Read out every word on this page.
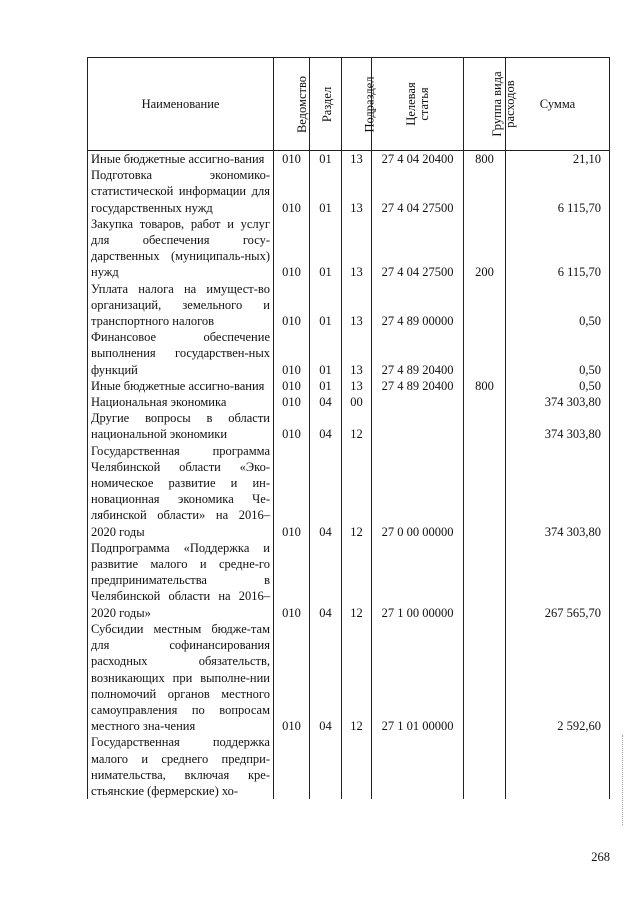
Наименование	Ведомство	Раздел	Подраздел	Целевая статья	Группа вида расходов	Сумма
Иные бюджетные ассигно-вания	010	01	13	27 4 04 20400	800	21,10
Подготовка экономико-статистической информации для государственных нужд	010	01	13	27 4 04 27500		6 115,70
Закупка товаров, работ и услуг для обеспечения госу-дарственных (муниципаль-ных) нужд	010	01	13	27 4 04 27500	200	6 115,70
Уплата налога на имущест-во организаций, земельного и транспортного налогов	010	01	13	27 4 89 00000		0,50
Финансовое обеспечение выполнения государствен-ных функций	010	01	13	27 4 89 20400		0,50
Иные бюджетные ассигно-вания	010	01	13	27 4 89 20400	800	0,50
Национальная экономика	010	04	00			374 303,80
Другие вопросы в области национальной экономики	010	04	12			374 303,80
Государственная программа Челябинской области «Эко-номическое развитие и ин-новационная экономика Че-лябинской области» на 2016–2020 годы	010	04	12	27 0 00 00000		374 303,80
Подпрограмма «Поддержка и развитие малого и средне-го предпринимательства в Челябинской области на 2016–2020 годы»	010	04	12	27 1 00 00000		267 565,70
Субсидии местным бюдже-там для софинансирования расходных обязательств, возникающих при выполне-нии полномочий органов местного самоуправления по вопросам местного зна-чения	010	04	12	27 1 01 00000		2 592,60
Государственная поддержка малого и среднего предпри-нимательства, включая кре-стьянские (фермерские) хо-						
268
